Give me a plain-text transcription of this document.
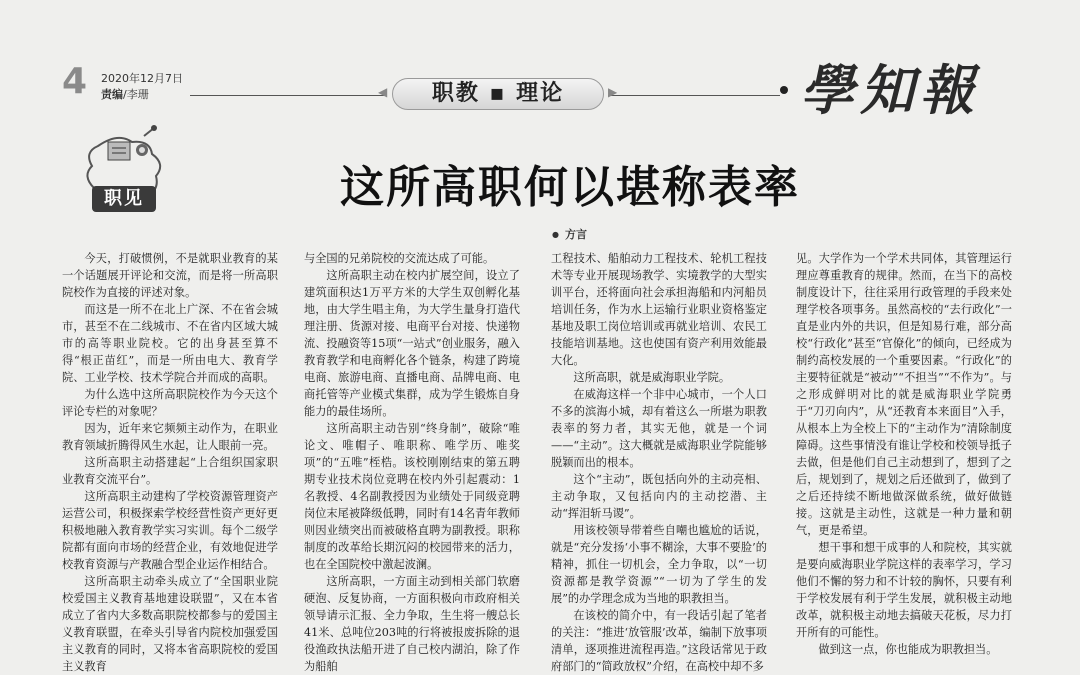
4 2020年12月7日
责编/李珊	◀	职教 ▪ 理论	▶	學知報
职见	这所高职何以堪称表率
● 方言

今天，打破惯例，不是就职业教育的某一个话题展开评论和交流，而是将一所高职院校作为直接的评述对象。

而这是一所不在北上广深、不在省会城市，甚至不在二线城市、不在省内区域大城市的高等职业院校。它的出身甚至算不得“根正苗红”，而是一所由电大、教育学院、工业学校、技术学院合并而成的高职。

为什么选中这所高职院校作为今天这个评论专栏的对象呢？

因为，近年来它频频主动作为，在职业教育领域折腾得风生水起，让人眼前一亮。

这所高职主动搭建起“上合组织国家职业教育交流平台”。

这所高职主动建构了学校资源管理资产运营公司，积极探索学校经营性资产更好更积极地融入教育教学实习实训。每个二级学院都有面向市场的经营企业，有效地促进学校教育资源与产教融合型企业运作相结合。

这所高职主动牵头成立了“全国职业院校爱国主义教育基地建设联盟”，又在本省成立了省内大多数高职院校都参与的爱国主义教育联盟，在牵头引导省内院校加强爱国主义教育的同时，又将本省高职院校的爱国主义教育

与全国的兄弟院校的交流达成了可能。

这所高职主动在校内扩展空间，设立了建筑面积达1万平方米的大学生双创孵化基地，由大学生唱主角，为大学生量身打造代理注册、货源对接、电商平台对接、快递物流、投融资等15项“一站式”创业服务，融入教育教学和电商孵化各个链条，构建了跨境电商、旅游电商、直播电商、品牌电商、电商托管等产业模式集群，成为学生锻炼自身能力的最佳场所。

这所高职主动告别“终身制”，破除“唯论文、唯帽子、唯职称、唯学历、唯奖项”的“五唯”桎梏。该校刚刚结束的第五聘期专业技术岗位竞聘在校内外引起震动：1名教授、4名副教授因为业绩处于同级竞聘岗位末尾被降级低聘，同时有14名青年教师则因业绩突出而被破格直聘为副教授。职称制度的改革给长期沉闷的校园带来的活力，也在全国院校中激起波澜。

这所高职，一方面主动到相关部门软磨硬泡、反复协商，一方面积极向市政府相关领导请示汇报、全力争取，生生将一艘总长41米、总吨位203吨的行将被报废拆除的退役渔政执法船开进了自己校内湖泊，除了作为船舶

工程技术、船舶动力工程技术、轮机工程技术等专业开展现场教学、实境教学的大型实训平台，还将面向社会承担海船和内河船员培训任务，作为水上运输行业职业资格鉴定基地及职工岗位培训或再就业培训、农民工技能培训基地。这也使国有资产利用效能最大化。

这所高职，就是威海职业学院。

在威海这样一个非中心城市，一个人口不多的滨海小城，却有着这么一所堪为职教表率的努力者，其实无他，就是一个词——“主动”。这大概就是威海职业学院能够脱颖而出的根本。

这个“主动”，既包括向外的主动亮相、主动争取，又包括向内的主动挖潜、主动“挥泪斩马谡”。

用该校领导带着些自嘲也尴尬的话说，就是“充分发扬‘小事不糊涂，大事不要脸’的精神，抓住一切机会，全力争取，以“一切资源都是教学资源”“一切为了学生的发展”的办学理念成为当地的职教担当。

在该校的简介中，有一段话引起了笔者的关注：“推进‘放管服’改革，编制下放事项清单，逐项推进流程再造。”这段话常见于政府部门的“简政放权”介绍，在高校中却不多

见。大学作为一个学术共同体，其管理运行理应尊重教育的规律。然而，在当下的高校制度设计下，往往采用行政管理的手段来处理学校各项事务。虽然高校的“去行政化”一直是业内外的共识，但是知易行难，部分高校“行政化”甚至“官僚化”的倾向，已经成为制约高校发展的一个重要因素。“行政化”的主要特征就是“被动”“不担当”“不作为”。与之形成鲜明对比的就是威海职业学院勇于“刀刃向内”，从“还教育本来面目”入手，从根本上为全校上下的“主动作为”清除制度障碍。这些事情没有谁让学校和校领导抵子去做，但是他们自己主动想到了，想到了之后，规划到了，规划之后还做到了，做到了之后还持续不断地做深做系统，做好做链接。这就是主动性，这就是一种力量和朝气，更是希望。

想干事和想干成事的人和院校，其实就是要向威海职业学院这样的表率学习，学习他们不懈的努力和不计较的胸怀，只要有利于学校发展有利于学生发展，就积极主动地改革，就积极主动地去搞破天花板，尽力打开所有的可能性。

做到这一点，你也能成为职教担当。
